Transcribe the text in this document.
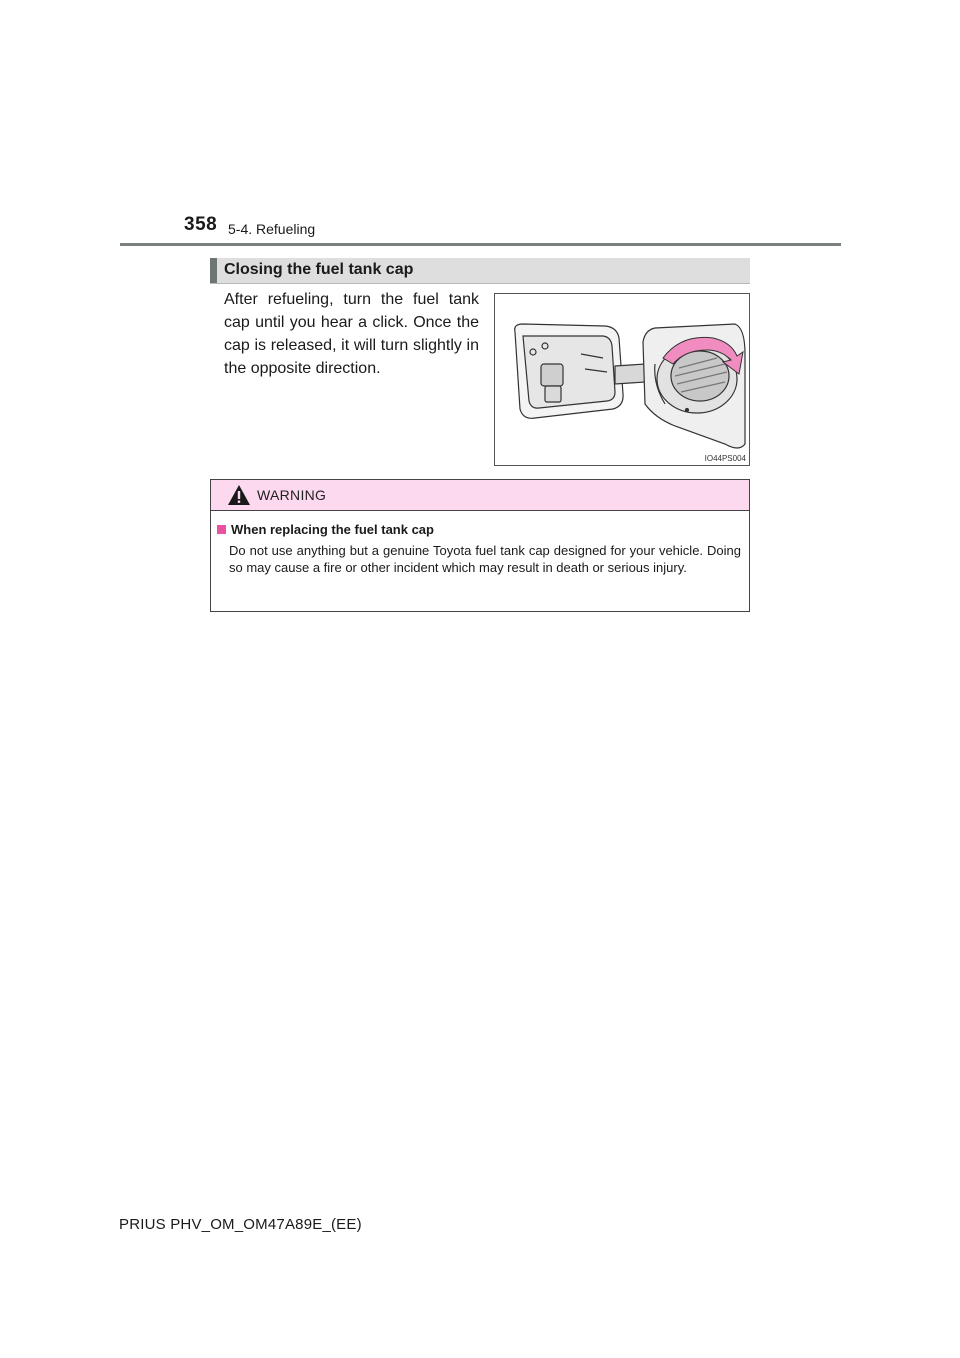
358 5-4. Refueling
Closing the fuel tank cap
After refueling, turn the fuel tank cap until you hear a click. Once the cap is released, it will turn slightly in the opposite direction.
IO44PS004
WARNING
When replacing the fuel tank cap
Do not use anything but a genuine Toyota fuel tank cap designed for your vehicle. Doing so may cause a fire or other incident which may result in death or serious injury.
PRIUS PHV_OM_OM47A89E_(EE)
